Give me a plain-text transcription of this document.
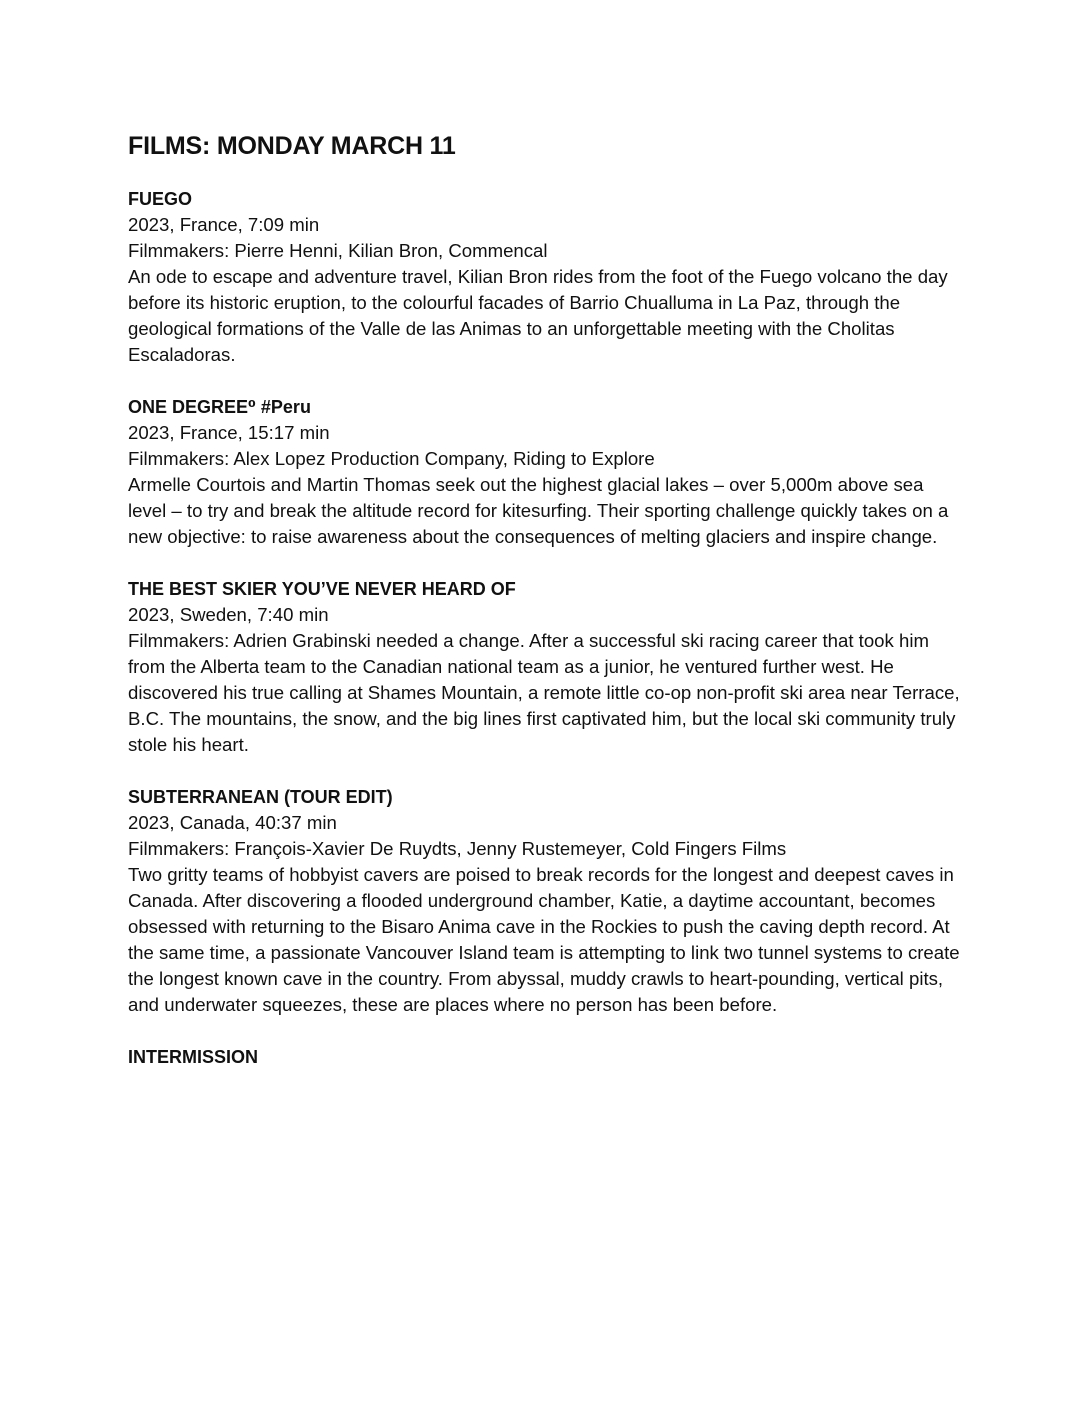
FILMS: MONDAY MARCH 11

FUEGO

2023, France, 7:09 min

Filmmakers: Pierre Henni, Kilian Bron, Commencal

An ode to escape and adventure travel, Kilian Bron rides from the foot of the Fuego volcano the day before its historic eruption, to the colourful facades of Barrio Chualluma in La Paz, through the geological formations of the Valle de las Animas to an unforgettable meeting with the Cholitas Escaladoras.

ONE DEGREE⁰ #Peru

2023, France, 15:17 min

Filmmakers: Alex Lopez Production Company, Riding to Explore

Armelle Courtois and Martin Thomas seek out the highest glacial lakes – over 5,000m above sea level – to try and break the altitude record for kitesurfing. Their sporting challenge quickly takes on a new objective: to raise awareness about the consequences of melting glaciers and inspire change.

THE BEST SKIER YOU’VE NEVER HEARD OF

2023, Sweden, 7:40 min

Filmmakers: Adrien Grabinski needed a change. After a successful ski racing career that took him from the Alberta team to the Canadian national team as a junior, he ventured further west. He discovered his true calling at Shames Mountain, a remote little co-op non-profit ski area near Terrace, B.C. The mountains, the snow, and the big lines first captivated him, but the local ski community truly stole his heart.

SUBTERRANEAN (TOUR EDIT)

2023, Canada, 40:37 min

Filmmakers: François-Xavier De Ruydts, Jenny Rustemeyer, Cold Fingers Films

Two gritty teams of hobbyist cavers are poised to break records for the longest and deepest caves in Canada. After discovering a flooded underground chamber, Katie, a daytime accountant, becomes obsessed with returning to the Bisaro Anima cave in the Rockies to push the caving depth record. At the same time, a passionate Vancouver Island team is attempting to link two tunnel systems to create the longest known cave in the country. From abyssal, muddy crawls to heart-pounding, vertical pits, and underwater squeezes, these are places where no person has been before.

INTERMISSION
